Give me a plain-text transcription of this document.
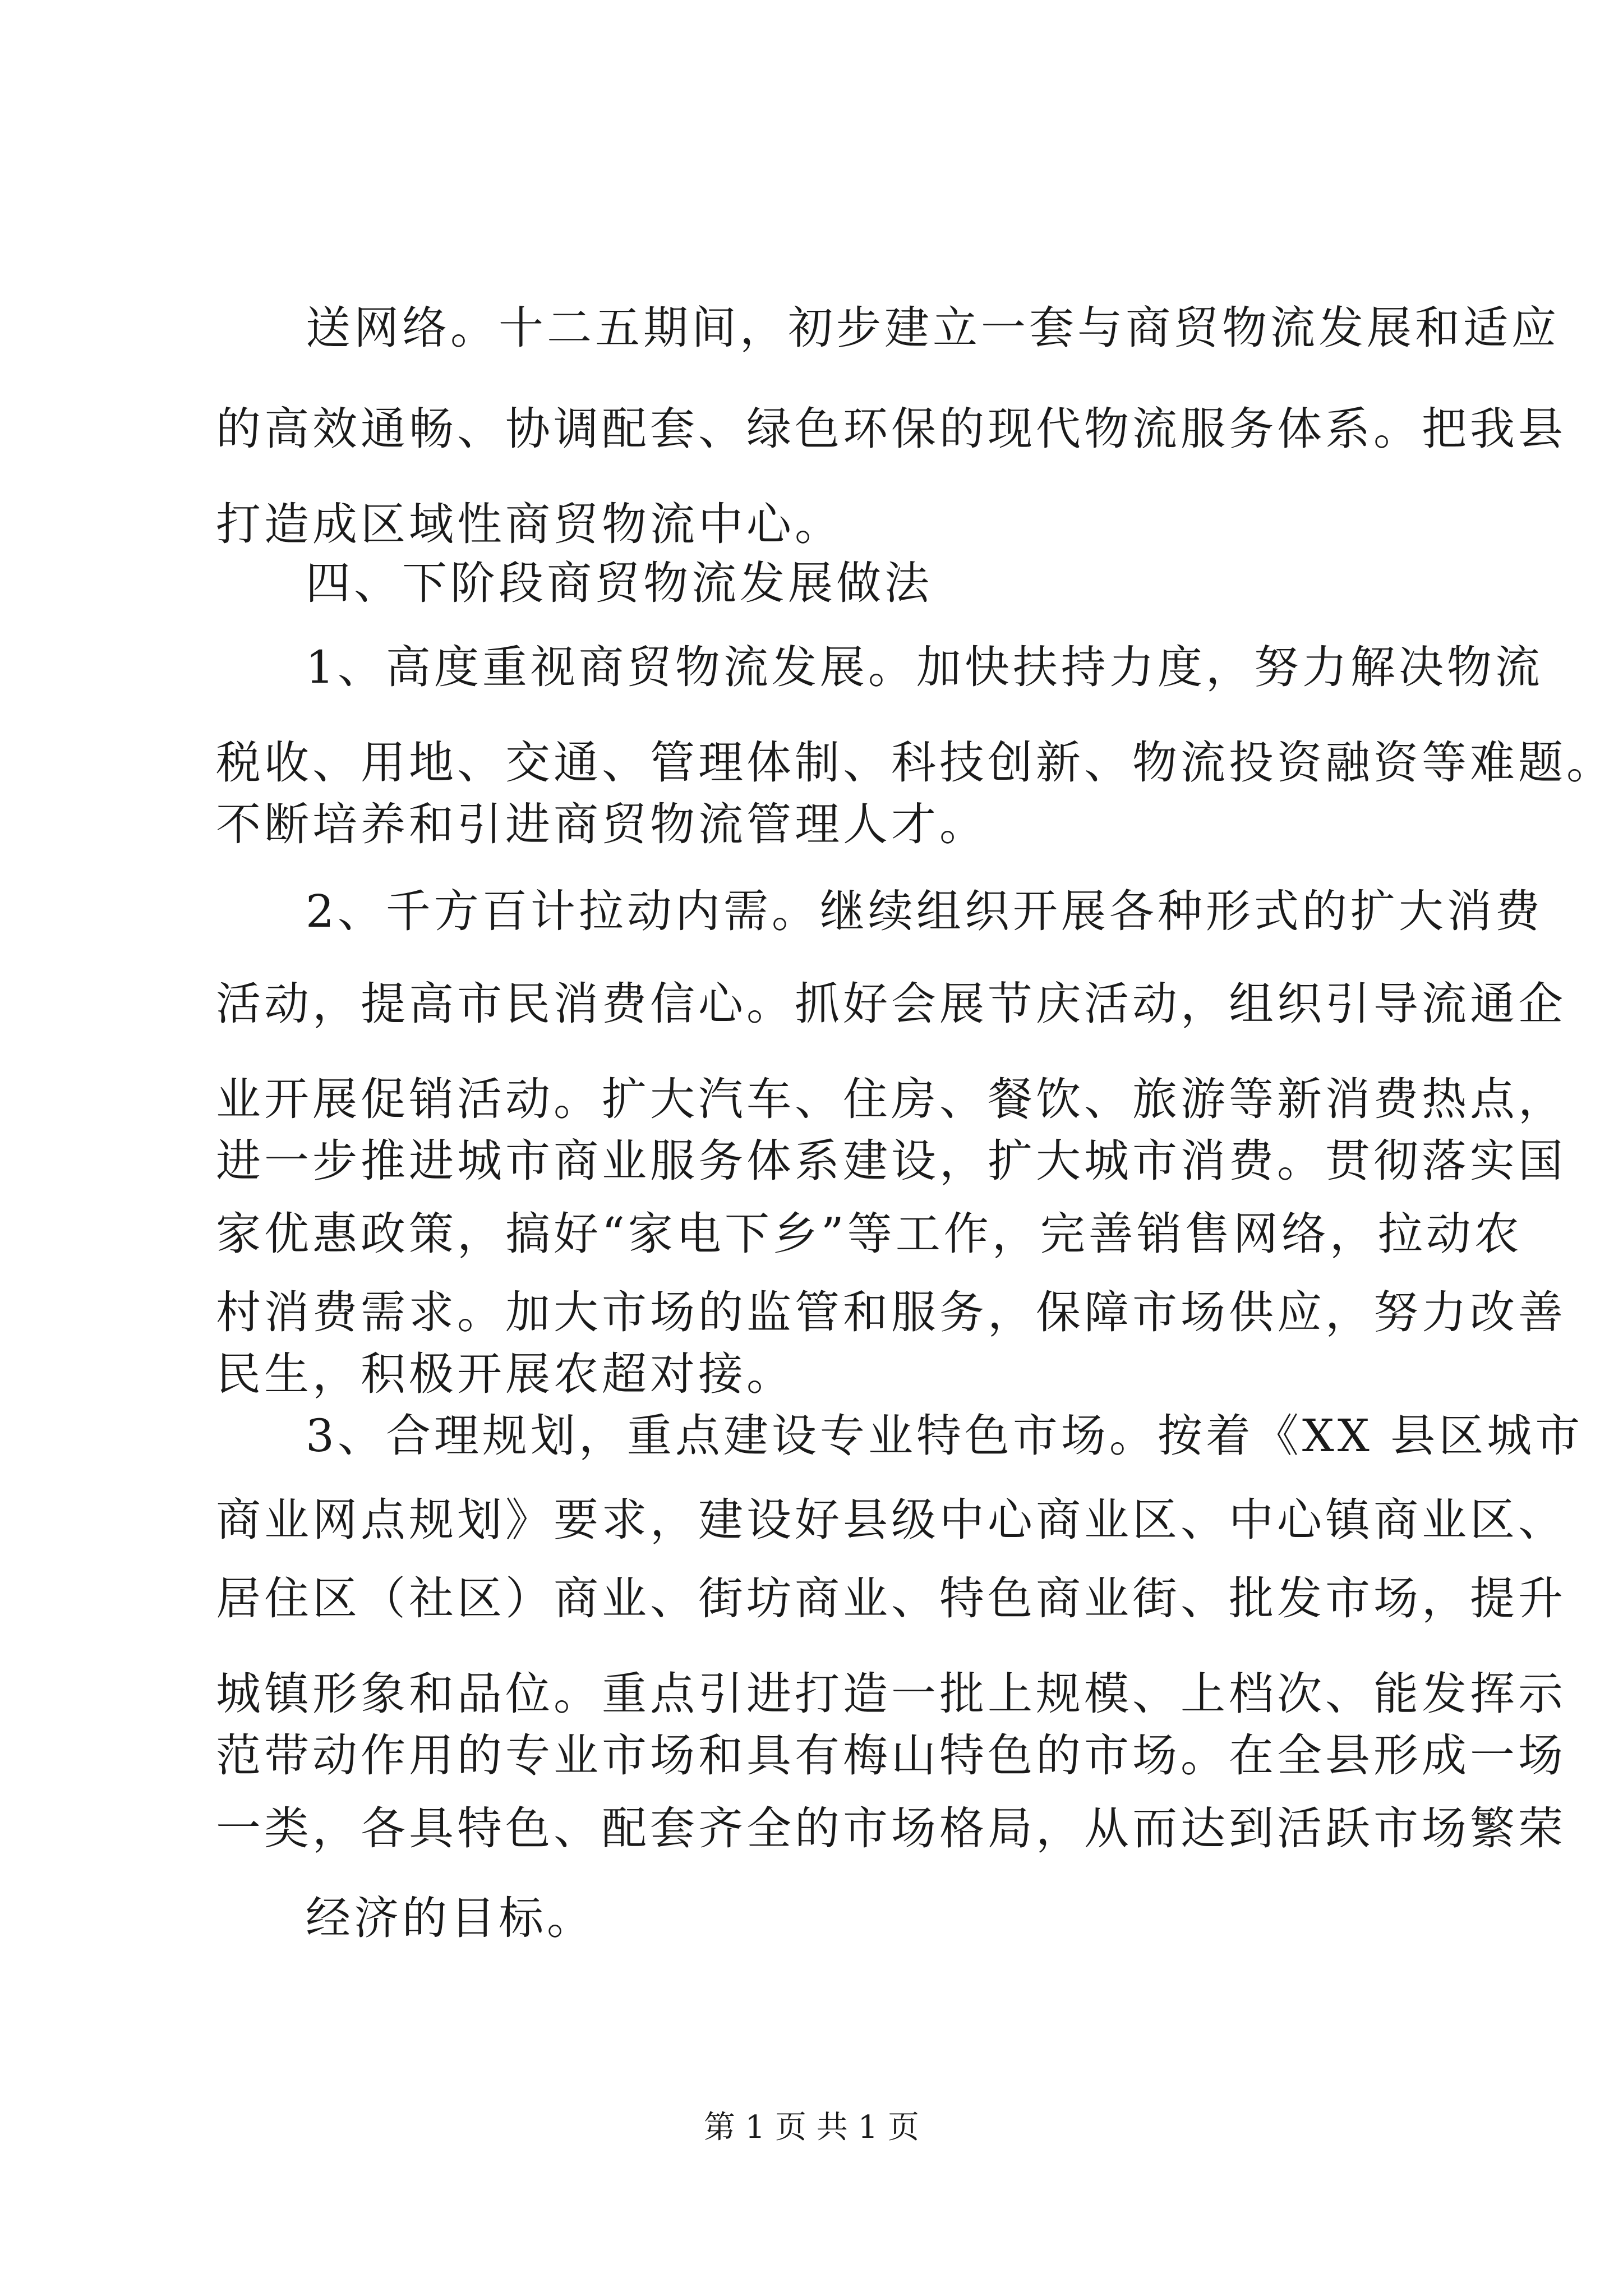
送网络。十二五期间，初步建立一套与商贸物流发展和适应
的高效通畅、协调配套、绿色环保的现代物流服务体系。把我县
打造成区域性商贸物流中心。
四、下阶段商贸物流发展做法
1、高度重视商贸物流发展。加快扶持力度，努力解决物流
税收、用地、交通、管理体制、科技创新、物流投资融资等难题。
不断培养和引进商贸物流管理人才。
2、千方百计拉动内需。继续组织开展各种形式的扩大消费
活动，提高市民消费信心。抓好会展节庆活动，组织引导流通企
业开展促销活动。扩大汽车、住房、餐饮、旅游等新消费热点，
进一步推进城市商业服务体系建设，扩大城市消费。贯彻落实国
家优惠政策，搞好“家电下乡”等工作，完善销售网络，拉动农
村消费需求。加大市场的监管和服务，保障市场供应，努力改善
民生，积极开展农超对接。
3、合理规划，重点建设专业特色市场。按着《XX 县区城市
商业网点规划》要求，建设好县级中心商业区、中心镇商业区、
居住区（社区）商业、街坊商业、特色商业街、批发市场，提升
城镇形象和品位。重点引进打造一批上规模、上档次、能发挥示
范带动作用的专业市场和具有梅山特色的市场。在全县形成一场
一类，各具特色、配套齐全的市场格局，从而达到活跃市场繁荣
经济的目标。
第 1 页 共 1 页
